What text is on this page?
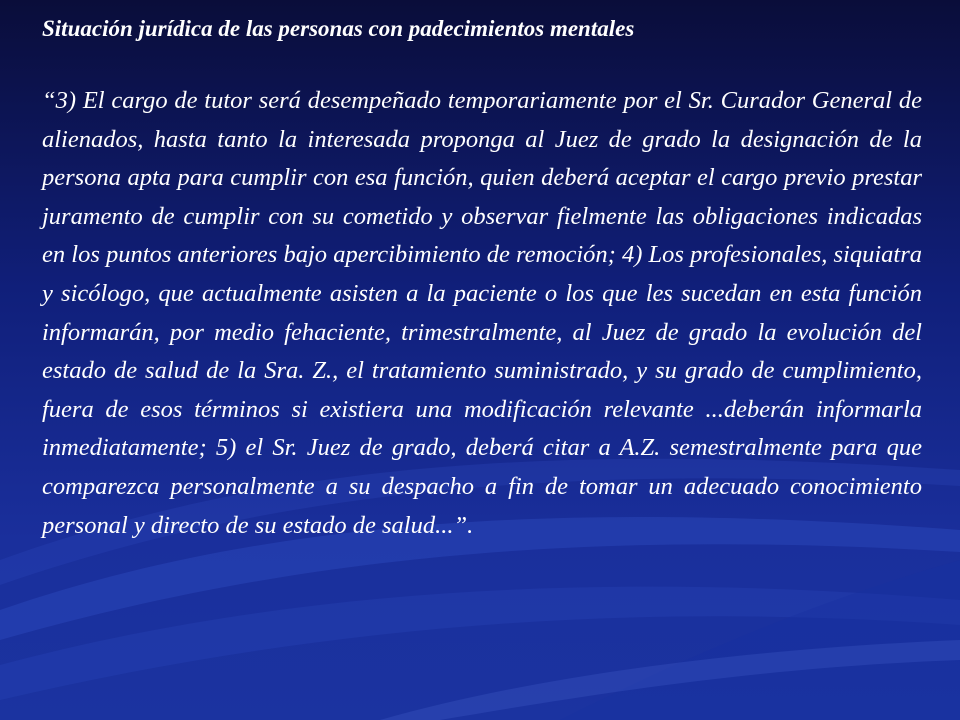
Situación jurídica de las personas con padecimientos mentales

“3) El cargo de tutor será desempeñado temporariamente por el Sr. Curador General de alienados, hasta tanto la interesada proponga al Juez de grado la designación de la persona apta para cumplir con esa función, quien deberá aceptar el cargo previo prestar juramento de cumplir con su cometido y observar fielmente las obligaciones indicadas en los puntos anteriores bajo apercibimiento de remoción; 4) Los profesionales, siquiatra y sicólogo, que actualmente asisten a la paciente o los que les sucedan en esta función informarán, por medio fehaciente, trimestralmente, al Juez de grado la evolución del estado de salud de la Sra. Z., el tratamiento suministrado, y su grado de cumplimiento, fuera de esos términos si existiera una modificación relevante ...deberán informarla inmediatamente; 5) el Sr. Juez de grado, deberá citar a A.Z. semestralmente para que comparezca personalmente a su despacho a fin de tomar un adecuado conocimiento personal y directo de su estado de salud...”.
